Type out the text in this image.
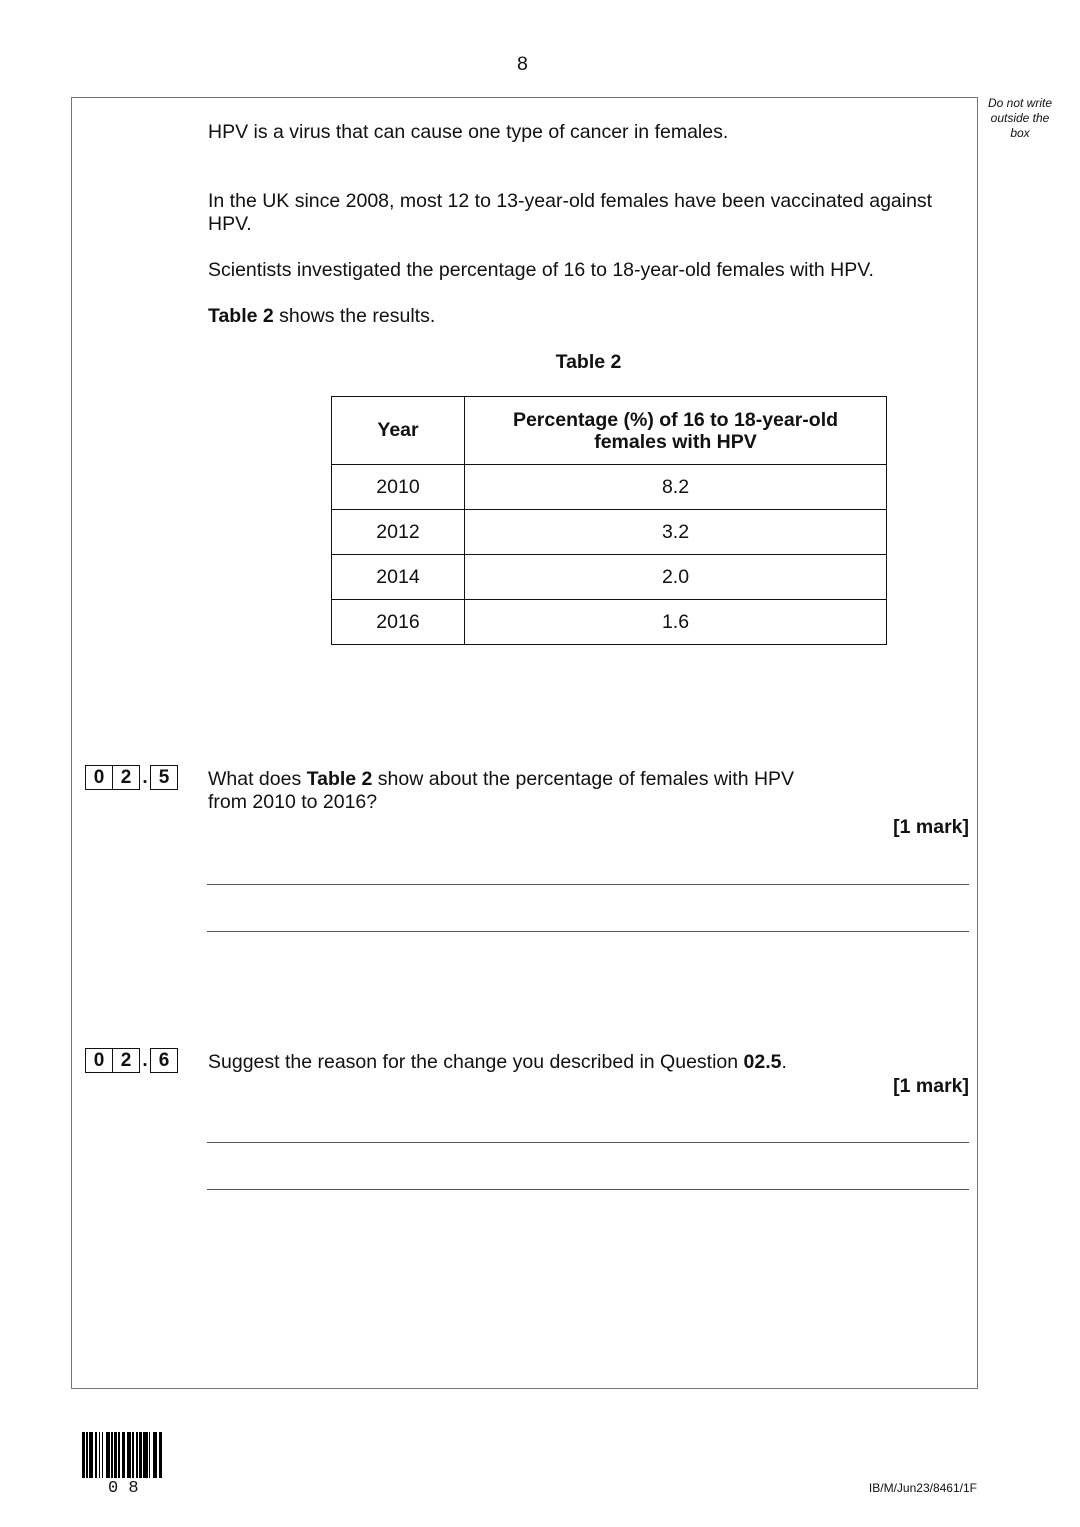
8
Do not write outside the box
HPV is a virus that can cause one type of cancer in females.
In the UK since 2008, most 12 to 13-year-old females have been vaccinated against HPV.
Scientists investigated the percentage of 16 to 18-year-old females with HPV.
Table 2 shows the results.
Table 2
Year	Percentage (%) of 16 to 18-year-old females with HPV
2010	8.2
2012	3.2
2014	2.0
2016	1.6
0 2 . 5	What does Table 2 show about the percentage of females with HPV from 2010 to 2016?
[1 mark]
0 2 . 6	Suggest the reason for the change you described in Question 02.5.
[1 mark]
0 8	IB/M/Jun23/8461/1F
